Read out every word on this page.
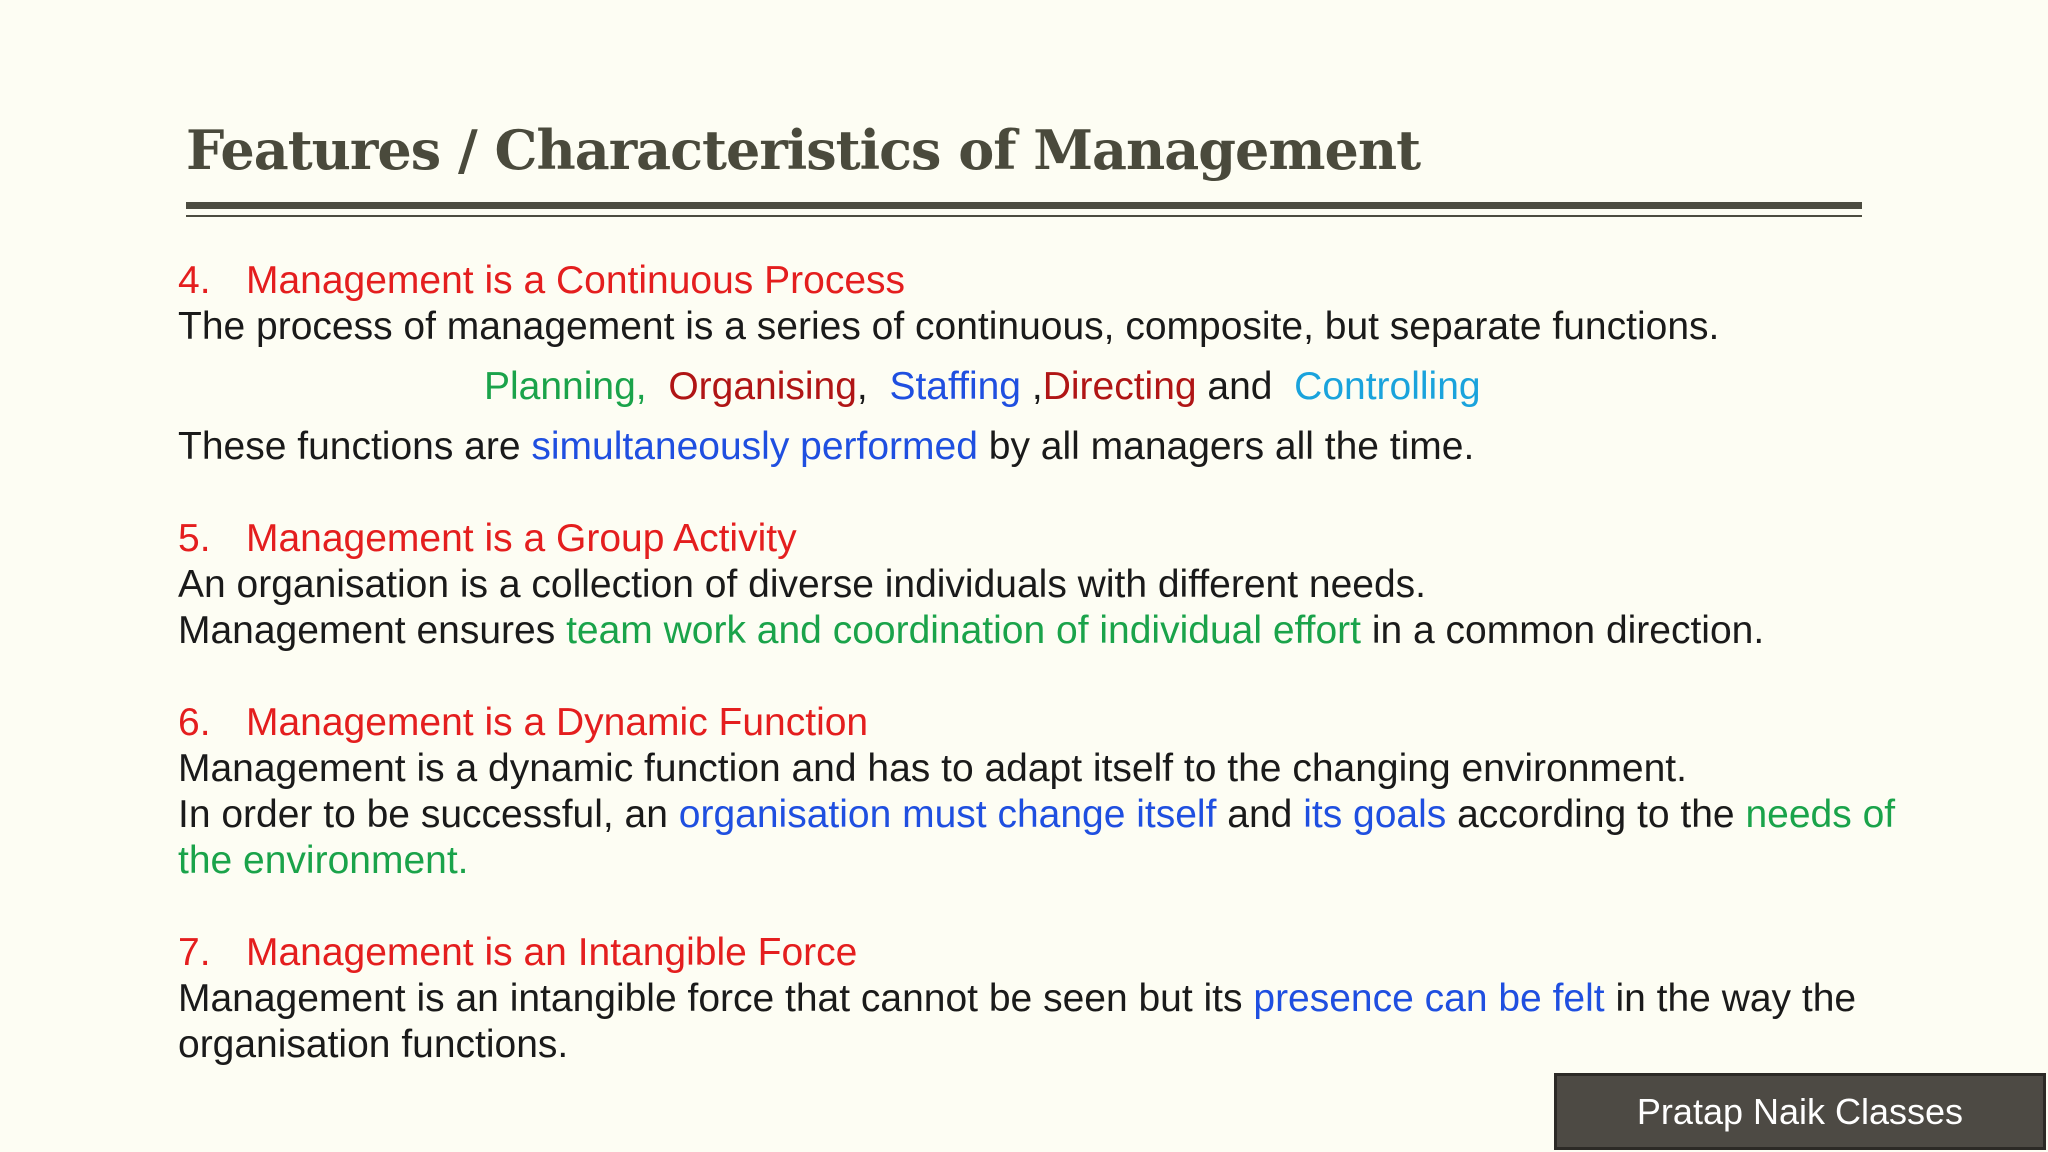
Features / Characteristics of Management
4. Management is a Continuous Process
The process of management is a series of continuous, composite, but separate functions.
Planning, Organising, Staffing ,Directing and Controlling
These functions are simultaneously performed by all managers all the time.
5. Management is a Group Activity
An organisation is a collection of diverse individuals with different needs.
Management ensures team work and coordination of individual effort in a common direction.
6. Management is a Dynamic Function
Management is a dynamic function and has to adapt itself to the changing environment.
In order to be successful, an organisation must change itself and its goals according to the needs of the environment.
7. Management is an Intangible Force
Management is an intangible force that cannot be seen but its presence can be felt in the way the organisation functions.
Pratap Naik Classes
